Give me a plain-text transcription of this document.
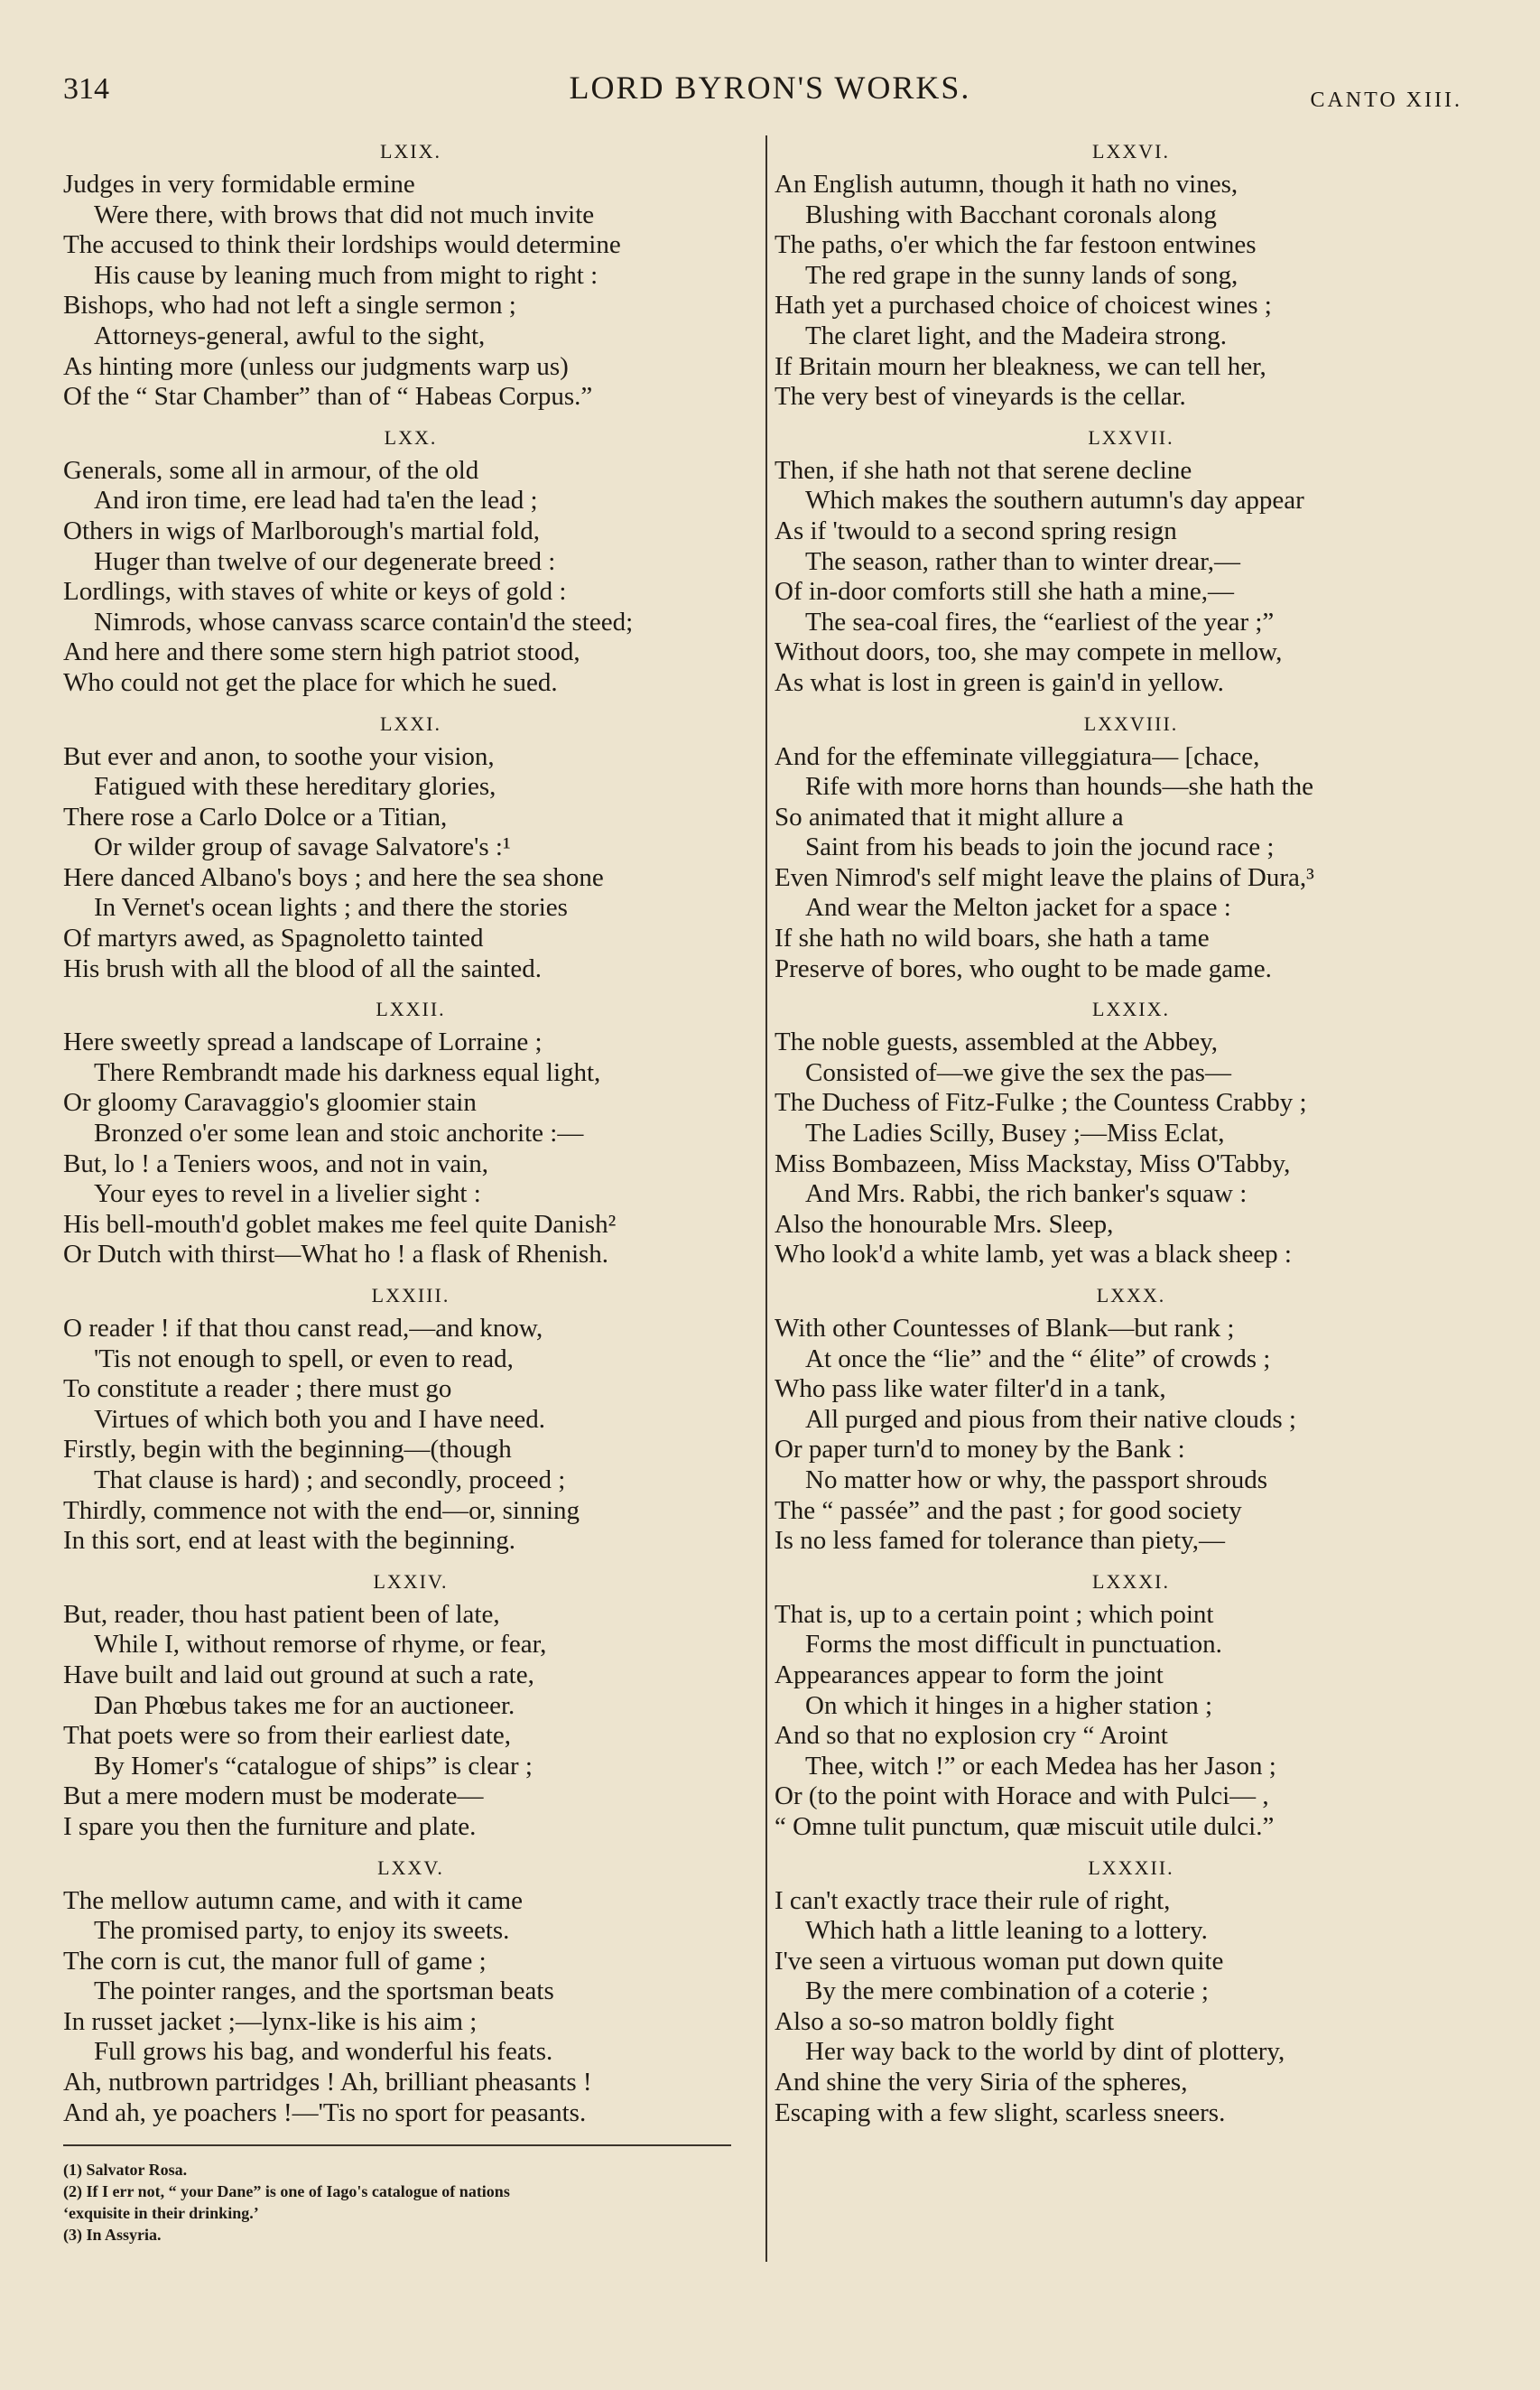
314	LORD BYRON'S WORKS.	CANTO XIII.
LXIX.
Judges in very formidable ermine
Were there, with brows that did not much invite
The accused to think their lordships would determine
His cause by leaning much from might to right :
Bishops, who had not left a single sermon ;
Attorneys-general, awful to the sight,
As hinting more (unless our judgments warp us)
Of the “ Star Chamber” than of “ Habeas Corpus.”
LXX.
Generals, some all in armour, of the old
And iron time, ere lead had ta'en the lead ;
Others in wigs of Marlborough's martial fold,
Huger than twelve of our degenerate breed :
Lordlings, with staves of white or keys of gold :
Nimrods, whose canvass scarce contain'd the steed;
And here and there some stern high patriot stood,
Who could not get the place for which he sued.
LXXI.
But ever and anon, to soothe your vision,
Fatigued with these hereditary glories,
There rose a Carlo Dolce or a Titian,
Or wilder group of savage Salvatore's :¹
Here danced Albano's boys ; and here the sea shone
In Vernet's ocean lights ; and there the stories
Of martyrs awed, as Spagnoletto tainted
His brush with all the blood of all the sainted.
LXXII.
Here sweetly spread a landscape of Lorraine ;
There Rembrandt made his darkness equal light,
Or gloomy Caravaggio's gloomier stain
Bronzed o'er some lean and stoic anchorite :—
But, lo ! a Teniers woos, and not in vain,
Your eyes to revel in a livelier sight :
His bell-mouth'd goblet makes me feel quite Danish²
Or Dutch with thirst—What ho ! a flask of Rhenish.
LXXIII.
O reader ! if that thou canst read,—and know,
'Tis not enough to spell, or even to read,
To constitute a reader ; there must go
Virtues of which both you and I have need.
Firstly, begin with the beginning—(though
That clause is hard) ; and secondly, proceed ;
Thirdly, commence not with the end—or, sinning
In this sort, end at least with the beginning.
LXXIV.
But, reader, thou hast patient been of late,
While I, without remorse of rhyme, or fear,
Have built and laid out ground at such a rate,
Dan Phœbus takes me for an auctioneer.
That poets were so from their earliest date,
By Homer's “catalogue of ships” is clear ;
But a mere modern must be moderate—
I spare you then the furniture and plate.
LXXV.
The mellow autumn came, and with it came
The promised party, to enjoy its sweets.
The corn is cut, the manor full of game ;
The pointer ranges, and the sportsman beats
In russet jacket ;—lynx-like is his aim ;
Full grows his bag, and wonderful his feats.
Ah, nutbrown partridges ! Ah, brilliant pheasants !
And ah, ye poachers !—'Tis no sport for peasants.
(1) Salvator Rosa.
(2) If I err not, “ your Dane” is one of Iago's catalogue of nations
‘exquisite in their drinking.’
(3) In Assyria.
LXXVI.
An English autumn, though it hath no vines,
Blushing with Bacchant coronals along
The paths, o'er which the far festoon entwines
The red grape in the sunny lands of song,
Hath yet a purchased choice of choicest wines ;
The claret light, and the Madeira strong.
If Britain mourn her bleakness, we can tell her,
The very best of vineyards is the cellar.
LXXVII.
Then, if she hath not that serene decline
Which makes the southern autumn's day appear
As if 'twould to a second spring resign
The season, rather than to winter drear,—
Of in-door comforts still she hath a mine,—
The sea-coal fires, the “earliest of the year ;”
Without doors, too, she may compete in mellow,
As what is lost in green is gain'd in yellow.
LXXVIII.
And for the effeminate villeggiatura— [chace,
Rife with more horns than hounds—she hath the
So animated that it might allure a
Saint from his beads to join the jocund race ;
Even Nimrod's self might leave the plains of Dura,³
And wear the Melton jacket for a space :
If she hath no wild boars, she hath a tame
Preserve of bores, who ought to be made game.
LXXIX.
The noble guests, assembled at the Abbey,
Consisted of—we give the sex the pas—
The Duchess of Fitz-Fulke ; the Countess Crabby ;
The Ladies Scilly, Busey ;—Miss Eclat,
Miss Bombazeen, Miss Mackstay, Miss O'Tabby,
And Mrs. Rabbi, the rich banker's squaw :
Also the honourable Mrs. Sleep,
Who look'd a white lamb, yet was a black sheep :
LXXX.
With other Countesses of Blank—but rank ;
At once the “lie” and the “ élite” of crowds ;
Who pass like water filter'd in a tank,
All purged and pious from their native clouds ;
Or paper turn'd to money by the Bank :
No matter how or why, the passport shrouds
The “ passée” and the past ; for good society
Is no less famed for tolerance than piety,—
LXXXI.
That is, up to a certain point ; which point
Forms the most difficult in punctuation.
Appearances appear to form the joint
On which it hinges in a higher station ;
And so that no explosion cry “ Aroint
Thee, witch !” or each Medea has her Jason ;
Or (to the point with Horace and with Pulci— ,
“ Omne tulit punctum, quæ miscuit utile dulci.”
LXXXII.
I can't exactly trace their rule of right,
Which hath a little leaning to a lottery.
I've seen a virtuous woman put down quite
By the mere combination of a coterie ;
Also a so-so matron boldly fight
Her way back to the world by dint of plottery,
And shine the very Siria of the spheres,
Escaping with a few slight, scarless sneers.
